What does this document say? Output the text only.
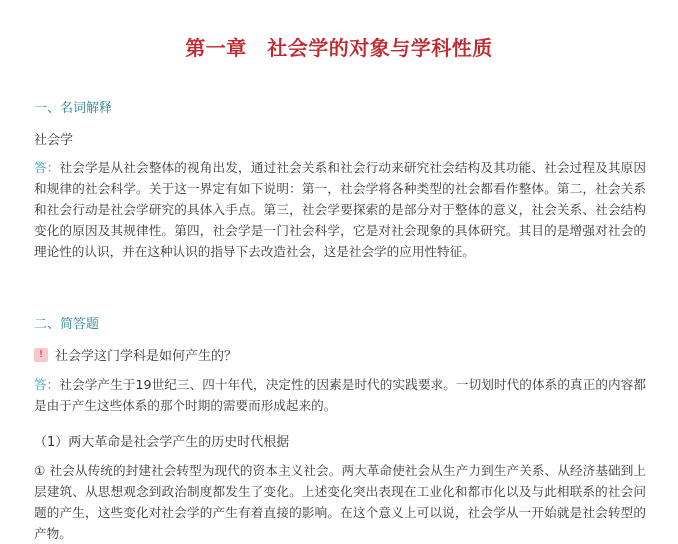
第一章　社会学的对象与学科性质
一、名词解释
社会学
答：社会学是从社会整体的视角出发，通过社会关系和社会行动来研究社会结构及其功能、社会过程及其原因和规律的社会科学。关于这一界定有如下说明：第一，社会学将各种类型的社会都看作整体。第二，社会关系和社会行动是社会学研究的具体入手点。第三，社会学要探索的是部分对于整体的意义，社会关系、社会结构变化的原因及其规律性。第四，社会学是一门社会科学，它是对社会现象的具体研究。其目的是增强对社会的理论性的认识，并在这种认识的指导下去改造社会，这是社会学的应用性特征。
二、简答题
! 社会学这门学科是如何产生的？
答：社会学产生于19世纪三、四十年代，决定性的因素是时代的实践要求。一切划时代的体系的真正的内容都是由于产生这些体系的那个时期的需要而形成起来的。
（1）两大革命是社会学产生的历史时代根据
① 社会从传统的封建社会转型为现代的资本主义社会。两大革命使社会从生产力到生产关系、从经济基础到上层建筑、从思想观念到政治制度都发生了变化。上述变化突出表现在工业化和都市化以及与此相联系的社会问题的产生，这些变化对社会学的产生有着直接的影响。在这个意义上可以说，社会学从一开始就是社会转型的产物。
